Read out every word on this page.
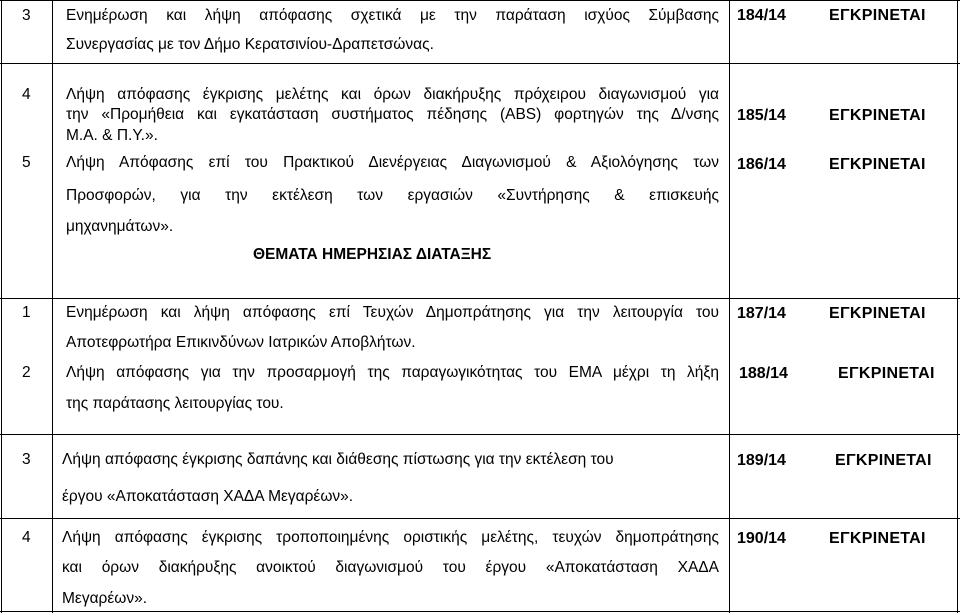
3 Ενημέρωση και λήψη απόφασης σχετικά με την παράταση ισχύος Σύμβασης
Συνεργασίας με τον Δήμο Κερατσινίου-Δραπετσώνας.
184/14	ΕΓΚΡΙΝΕΤΑΙ
4 Λήψη απόφασης έγκρισης μελέτης και όρων διακήρυξης πρόχειρου διαγωνισμού για
την «Προμήθεια και εγκατάσταση συστήματος πέδησης (ABS) φορτηγών της Δ/νσης
Μ.Α. & Π.Υ.».
185/14	ΕΓΚΡΙΝΕΤΑΙ
5 Λήψη Απόφασης επί του Πρακτικού Διενέργειας Διαγωνισμού & Αξιολόγησης των
Προσφορών, για την εκτέλεση των εργασιών «Συντήρησης & επισκευής
μηχανημάτων».
186/14	ΕΓΚΡΙΝΕΤΑΙ
ΘΕΜΑΤΑ ΗΜΕΡΗΣΙΑΣ ΔΙΑΤΑΞΗΣ
1 Ενημέρωση και λήψη απόφασης επί Τευχών Δημοπράτησης για την λειτουργία του
Αποτεφρωτήρα Επικινδύνων Ιατρικών Αποβλήτων.
187/14	ΕΓΚΡΙΝΕΤΑΙ
2 Λήψη απόφασης για την προσαρμογή της παραγωγικότητας του ΕΜΑ μέχρι τη λήξη
της παράτασης λειτουργίας του.
188/14	ΕΓΚΡΙΝΕΤΑΙ
3 Λήψη απόφασης έγκρισης δαπάνης και διάθεσης πίστωσης για την εκτέλεση του
έργου «Αποκατάσταση ΧΑΔΑ Μεγαρέων».
189/14	ΕΓΚΡΙΝΕΤΑΙ
4 Λήψη απόφασης έγκρισης τροποποιημένης οριστικής μελέτης, τευχών δημοπράτησης
και όρων διακήρυξης ανοικτού διαγωνισμού του έργου «Αποκατάσταση ΧΑΔΑ
Μεγαρέων».
190/14	ΕΓΚΡΙΝΕΤΑΙ
